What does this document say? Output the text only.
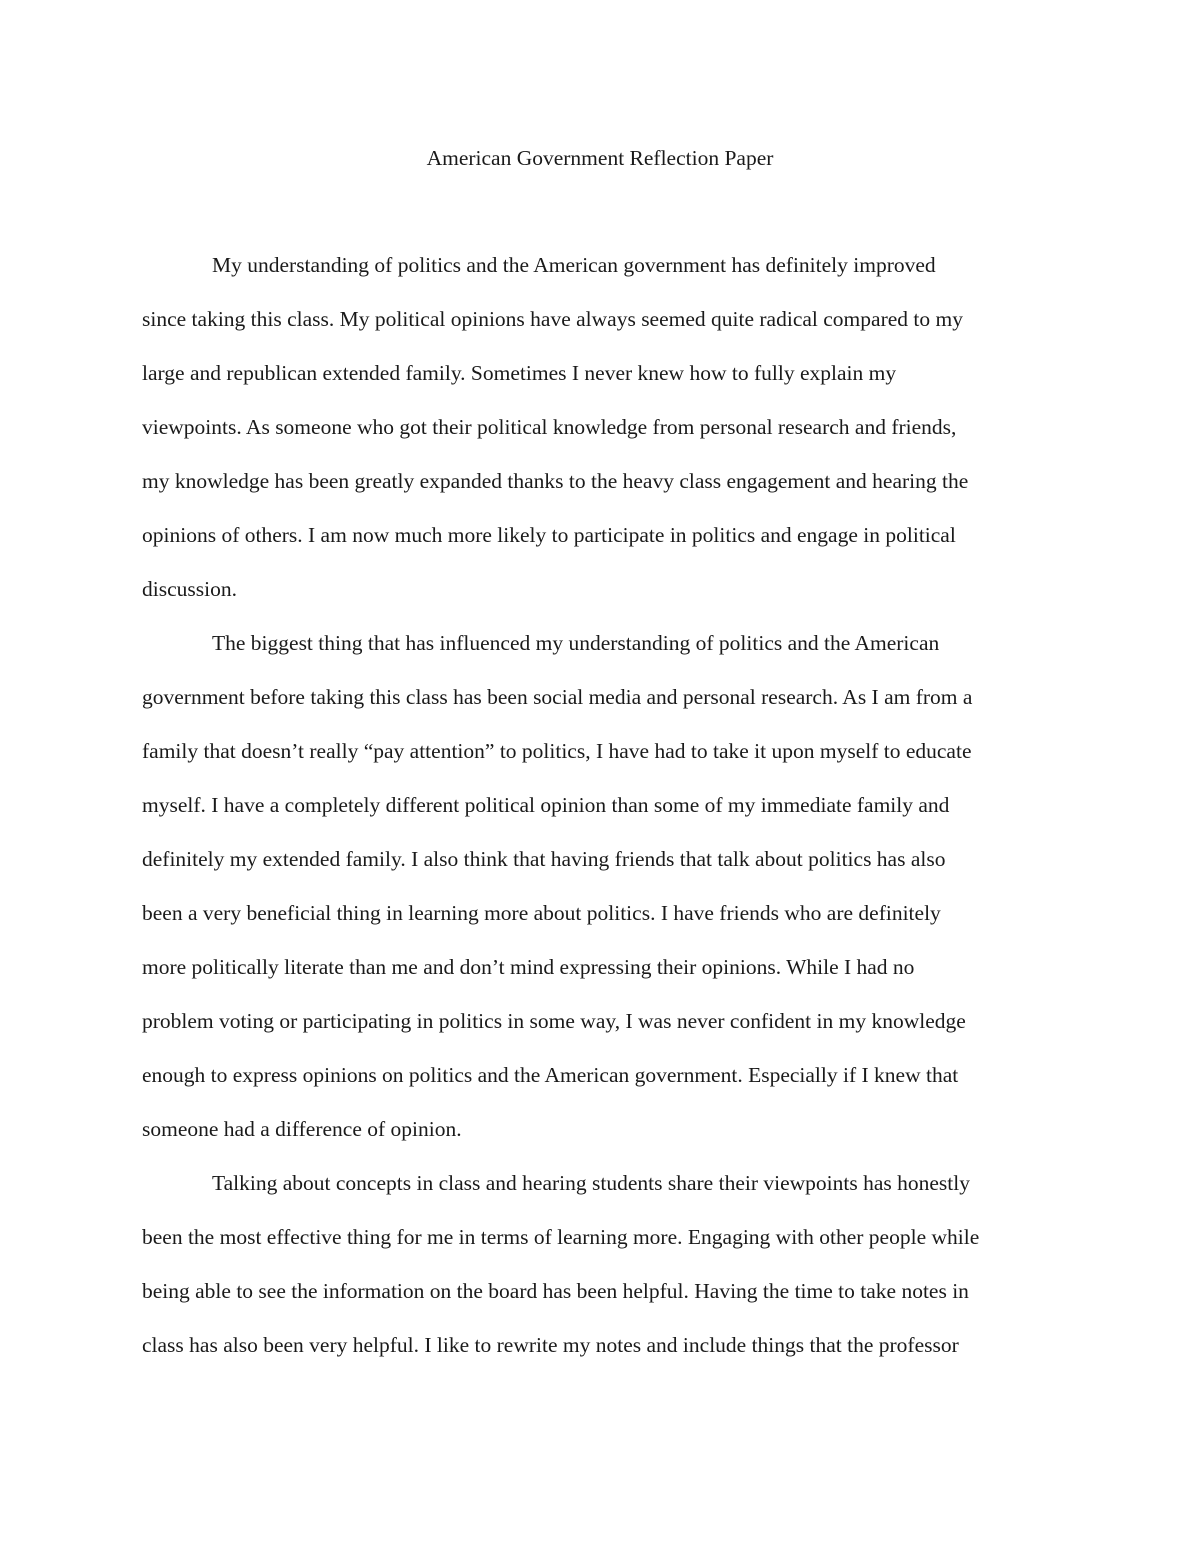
American Government Reflection Paper
My understanding of politics and the American government has definitely improved
since taking this class. My political opinions have always seemed quite radical compared to my
large and republican extended family. Sometimes I never knew how to fully explain my
viewpoints. As someone who got their political knowledge from personal research and friends,
my knowledge has been greatly expanded thanks to the heavy class engagement and hearing the
opinions of others. I am now much more likely to participate in politics and engage in political
discussion.
The biggest thing that has influenced my understanding of politics and the American
government before taking this class has been social media and personal research. As I am from a
family that doesn’t really “pay attention” to politics, I have had to take it upon myself to educate
myself. I have a completely different political opinion than some of my immediate family and
definitely my extended family. I also think that having friends that talk about politics has also
been a very beneficial thing in learning more about politics. I have friends who are definitely
more politically literate than me and don’t mind expressing their opinions. While I had no
problem voting or participating in politics in some way, I was never confident in my knowledge
enough to express opinions on politics and the American government. Especially if I knew that
someone had a difference of opinion.
Talking about concepts in class and hearing students share their viewpoints has honestly
been the most effective thing for me in terms of learning more. Engaging with other people while
being able to see the information on the board has been helpful. Having the time to take notes in
class has also been very helpful. I like to rewrite my notes and include things that the professor
